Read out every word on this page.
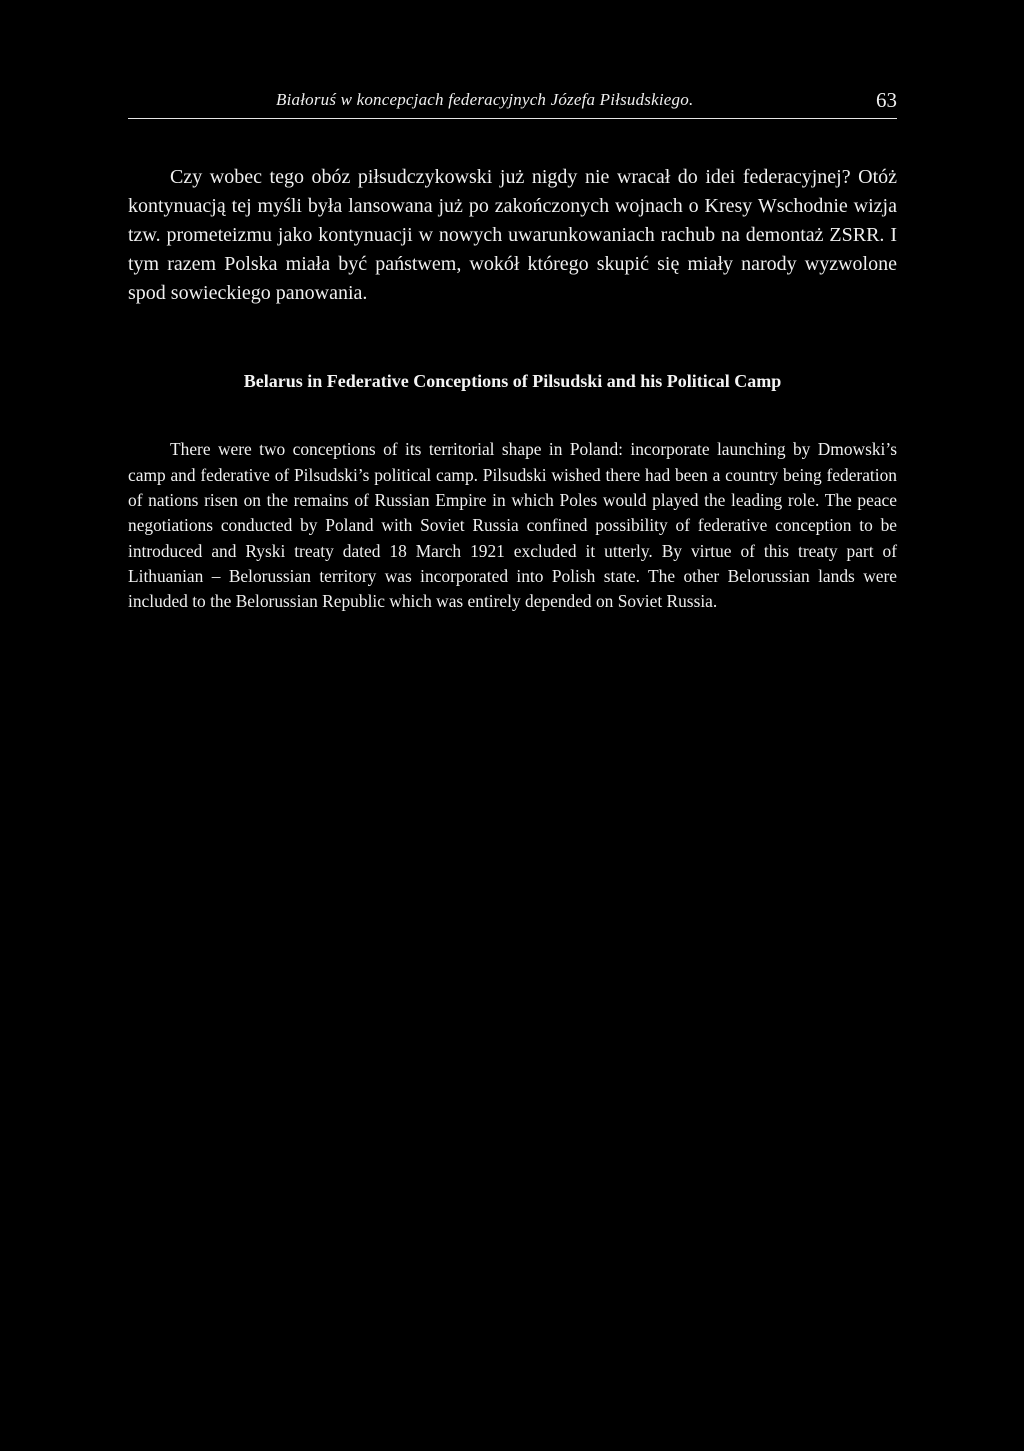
Białoruś w koncepcjach federacyjnych Józefa Piłsudskiego.	63

Czy wobec tego obóz piłsudczykowski już nigdy nie wracał do idei federacyjnej? Otóż kontynuacją tej myśli była lansowana już po zakończonych wojnach o Kresy Wschodnie wizja tzw. prometeizmu jako kontynuacji w nowych uwarunkowaniach rachub na demontaż ZSRR. I tym razem Polska miała być państwem, wokół którego skupić się miały narody wyzwolone spod sowieckiego panowania.

Belarus in Federative Conceptions of Pilsudski and his Political Camp

There were two conceptions of its territorial shape in Poland: incorporate launching by Dmowski’s camp and federative of Pilsudski’s political camp. Pilsudski wished there had been a country being federation of nations risen on the remains of Russian Empire in which Poles would played the leading role. The peace negotiations conducted by Poland with Soviet Russia confined possibility of federative conception to be introduced and Ryski treaty dated 18 March 1921 excluded it utterly. By virtue of this treaty part of Lithuanian – Belorussian territory was incorporated into Polish state. The other Belorussian lands were included to the Belorussian Republic which was entirely depended on Soviet Russia.
